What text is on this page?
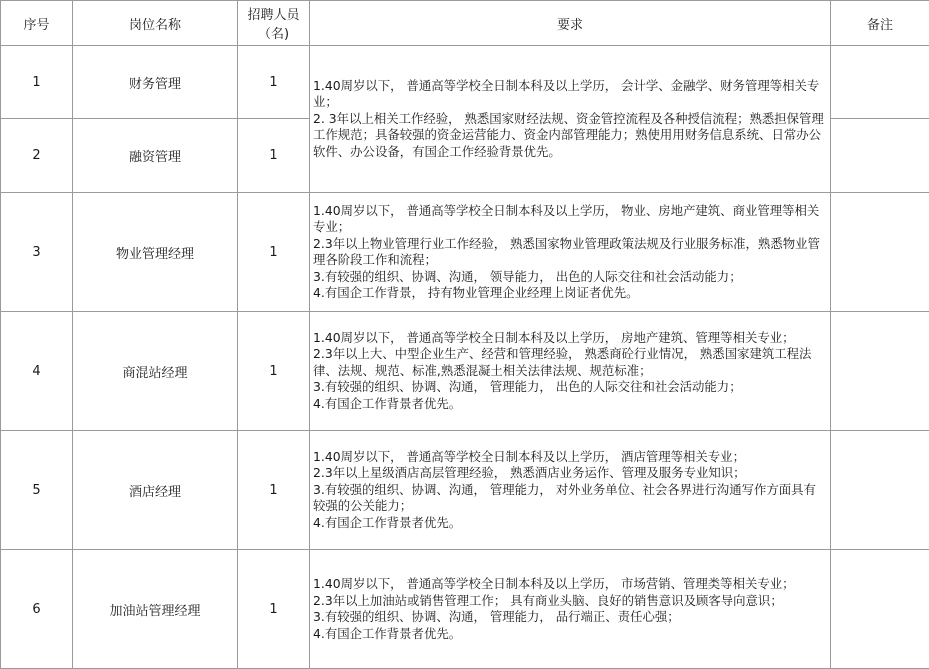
序号	岗位名称	招聘人员（名)	要求	备注
1	财务管理	1	1.40周岁以下， 普通高等学校全日制本科及以上学历， 会计学、金融学、财务管理等相关专业；
2. 3年以上相关工作经验， 熟悉国家财经法规、资金管控流程及各种授信流程；熟悉担保管理工作规范；具备较强的资金运营能力、资金内部管理能力；熟使用用财务信息系统、日常办公软件、办公设备，有国企工作经验背景优先。	

2	融资管理	1		
3	物业管理经理	1	1.40周岁以下， 普通高等学校全日制本科及以上学历， 物业、房地产建筑、商业管理等相关专业；
2.3年以上物业管理行业工作经验， 熟悉国家物业管理政策法规及行业服务标准，熟悉物业管理各阶段工作和流程；
3.有较强的组织、协调、沟通， 领导能力， 出色的人际交往和社会活动能力；
4.有国企工作背景， 持有物业管理企业经理上岗证者优先。	

4	商混站经理	1	1.40周岁以下， 普通高等学校全日制本科及以上学历， 房地产建筑、管理等相关专业；
2.3年以上大、中型企业生产、经营和管理经验， 熟悉商砼行业情况， 熟悉国家建筑工程法律、法规、规范、标准,熟悉混凝土相关法律法规、规范标准；
3.有较强的组织、协调、沟通， 管理能力， 出色的人际交往和社会活动能力；
4.有国企工作背景者优先。	

5	酒店经理	1	1.40周岁以下， 普通高等学校全日制本科及以上学历， 酒店管理等相关专业；
2.3年以上星级酒店高层管理经验， 熟悉酒店业务运作、管理及服务专业知识；
3.有较强的组织、协调、沟通， 管理能力， 对外业务单位、社会各界进行沟通写作方面具有较强的公关能力；
4.有国企工作背景者优先。	

6	加油站管理经理	1	1.40周岁以下， 普通高等学校全日制本科及以上学历， 市场营销、管理类等相关专业；
2.3年以上加油站或销售管理工作； 具有商业头脑、良好的销售意识及顾客导向意识；
3.有较强的组织、协调、沟通， 管理能力， 品行端正、责任心强；
4.有国企工作背景者优先。	
